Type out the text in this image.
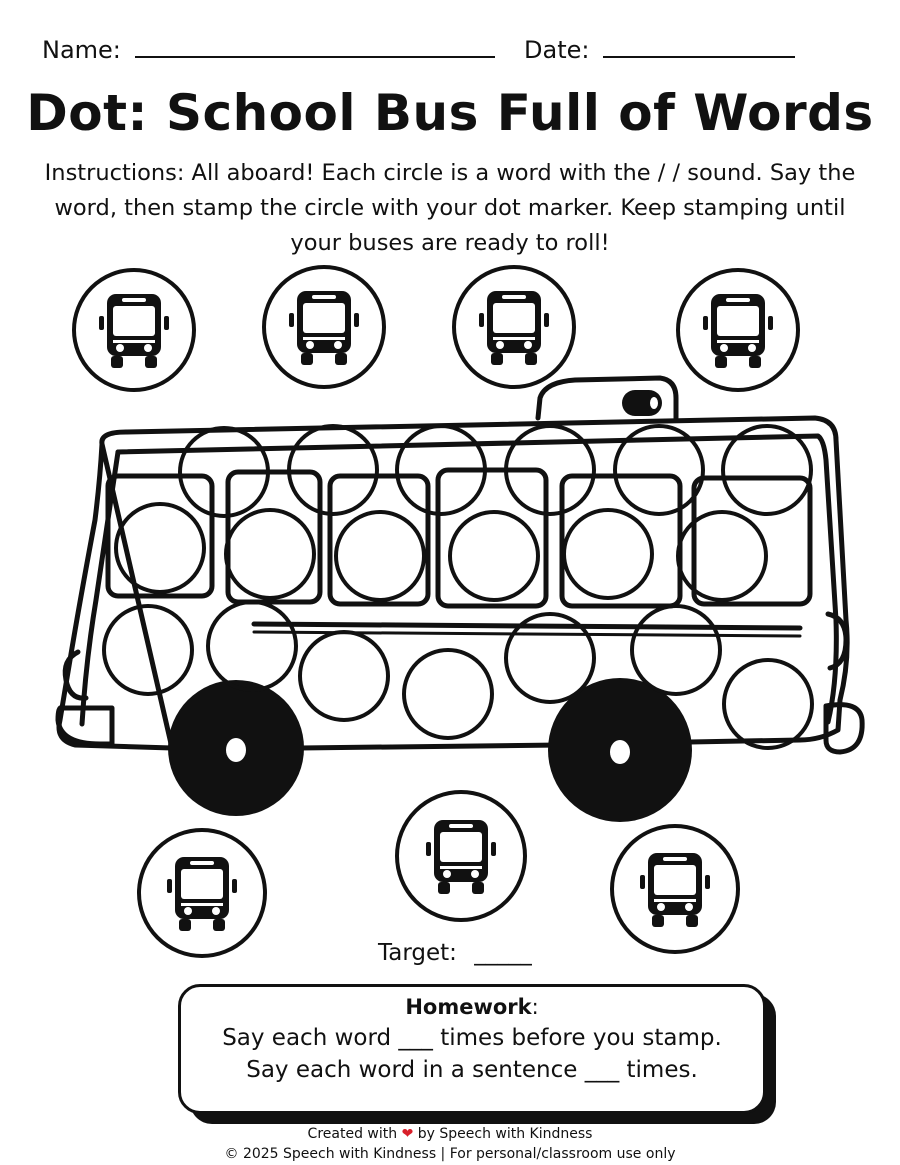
Name:	Date:
Dot: School Bus Full of Words
Instructions: All aboard! Each circle is a word with the / / sound. Say the word, then stamp the circle with your dot marker. Keep stamping until your buses are ready to roll!
Target: _____
Homework:
Say each word ___ times before you stamp.
Say each word in a sentence ___ times.
Created with ❤ by Speech with Kindness
© 2025 Speech with Kindness | For personal/classroom use only
